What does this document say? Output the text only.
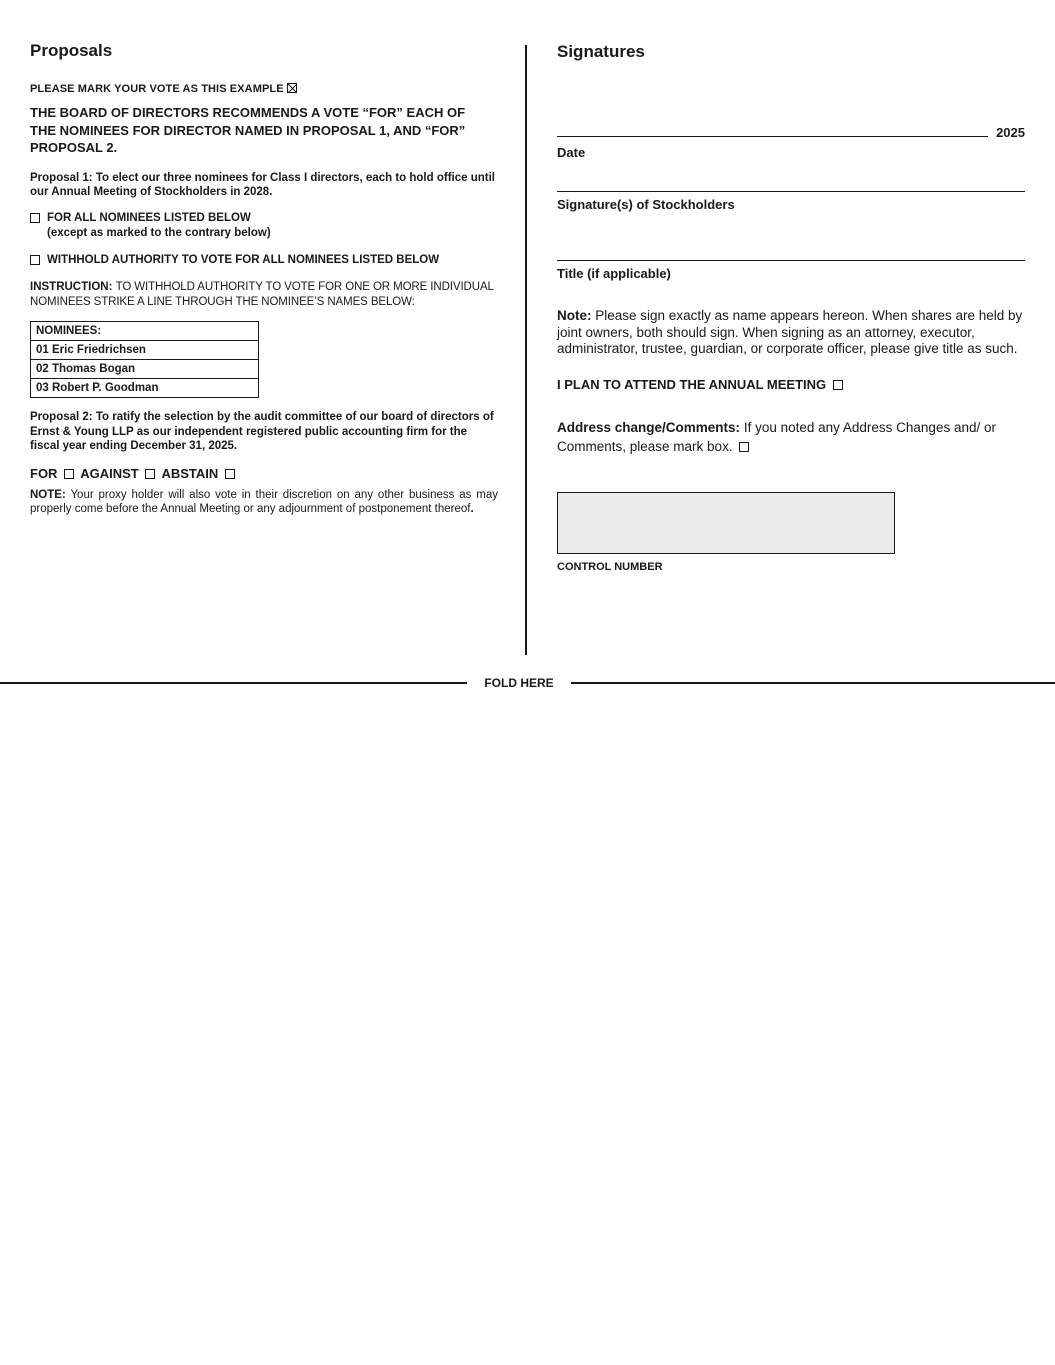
Proposals
PLEASE MARK YOUR VOTE AS THIS EXAMPLE
THE BOARD OF DIRECTORS RECOMMENDS A VOTE “FOR” EACH OF THE NOMINEES FOR DIRECTOR NAMED IN PROPOSAL 1, AND “FOR” PROPOSAL 2.
Proposal 1: To elect our three nominees for Class I directors, each to hold office until our Annual Meeting of Stockholders in 2028.
FOR ALL NOMINEES LISTED BELOW
(except as marked to the contrary below)
WITHHOLD AUTHORITY TO VOTE FOR ALL NOMINEES LISTED BELOW
INSTRUCTION: TO WITHHOLD AUTHORITY TO VOTE FOR ONE OR MORE INDIVIDUAL NOMINEES STRIKE A LINE THROUGH THE NOMINEE’S NAMES BELOW:
NOMINEES:
01 Eric Friedrichsen
02 Thomas Bogan
03 Robert P. Goodman
Proposal 2: To ratify the selection by the audit committee of our board of directors of Ernst & Young LLP as our independent registered public accounting firm for the fiscal year ending December 31, 2025.
FOR AGAINST ABSTAIN
NOTE: Your proxy holder will also vote in their discretion on any other business as may properly come before the Annual Meeting or any adjournment of postponement thereof.
Signatures
2025
Date
Signature(s) of Stockholders
Title (if applicable)
Note: Please sign exactly as name appears hereon. When shares are held by joint owners, both should sign. When signing as an attorney, executor, administrator, trustee, guardian, or corporate officer, please give title as such.
I PLAN TO ATTEND THE ANNUAL MEETING
Address change/Comments: If you noted any Address Changes and/ or Comments, please mark box.
CONTROL NUMBER
FOLD HERE
